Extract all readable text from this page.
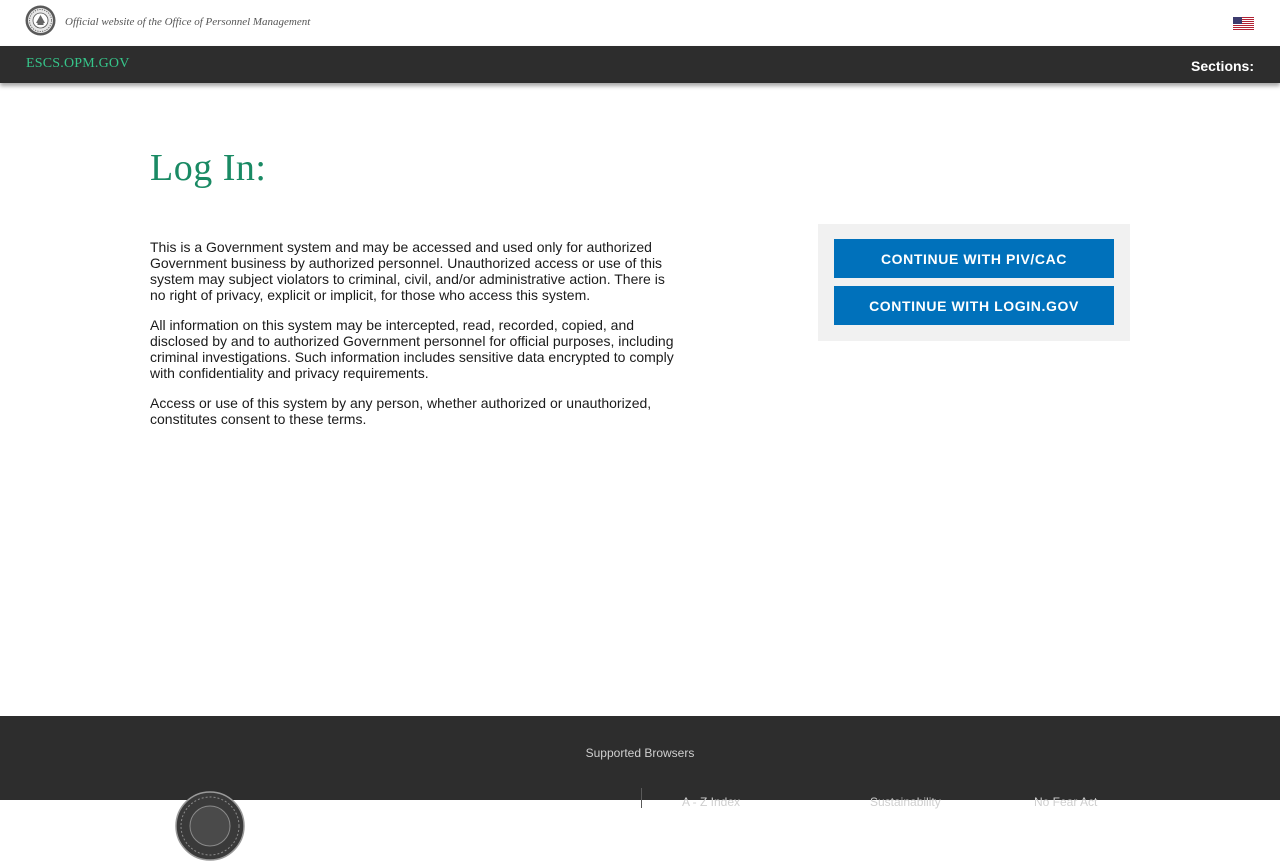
Official website of the Office of Personnel Management
ESCS.OPM.GOV	Sections:
Log In:

This is a Government system and may be accessed and used only for authorized Government business by authorized personnel. Unauthorized access or use of this system may subject violators to criminal, civil, and/or administrative action. There is no right of privacy, explicit or implicit, for those who access this system.

All information on this system may be intercepted, read, recorded, copied, and disclosed by and to authorized Government personnel for official purposes, including criminal investigations. Such information includes sensitive data encrypted to comply with confidentiality and privacy requirements.

Access or use of this system by any person, whether authorized or unauthorized, constitutes consent to these terms.

CONTINUE WITH PIV/CAC
CONTINUE WITH LOGIN.GOV
Supported Browsers
A - Z Index	Sustainability	No Fear Act
